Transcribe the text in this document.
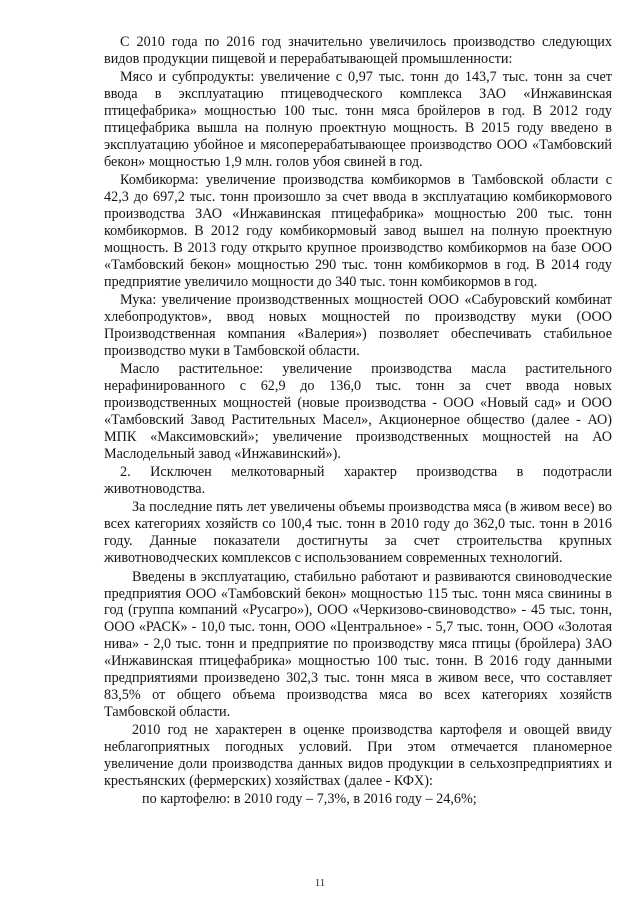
С 2010 года по 2016 год значительно увеличилось производство следующих видов продукции пищевой и перерабатывающей промышленности:

Мясо и субпродукты: увеличение с 0,97 тыс. тонн до 143,7 тыс. тонн за счет ввода в эксплуатацию птицеводческого комплекса ЗАО «Инжавинская птицефабрика» мощностью 100 тыс. тонн мяса бройлеров в год. В 2012 году птицефабрика вышла на полную проектную мощность. В 2015 году введено в эксплуатацию убойное и мясоперерабатывающее производство ООО «Тамбовский бекон» мощностью 1,9 млн. голов убоя свиней в год.

Комбикорма: увеличение производства комбикормов в Тамбовской области с 42,3 до 697,2 тыс. тонн произошло за счет ввода в эксплуатацию комбикормового производства ЗАО «Инжавинская птицефабрика» мощностью 200 тыс. тонн комбикормов. В 2012 году комбикормовый завод вышел на полную проектную мощность. В 2013 году открыто крупное производство комбикормов на базе ООО «Тамбовский бекон» мощностью 290 тыс. тонн комбикормов в год. В 2014 году предприятие увеличило мощности до 340 тыс. тонн комбикормов в год.

Мука: увеличение производственных мощностей ООО «Сабуровский комбинат хлебопродуктов», ввод новых мощностей по производству муки (ООО Производственная компания «Валерия») позволяет обеспечивать стабильное производство муки в Тамбовской области.

Масло растительное: увеличение производства масла растительного нерафинированного с 62,9 до 136,0 тыс. тонн за счет ввода новых производственных мощностей (новые производства - ООО «Новый сад» и ООО «Тамбовский Завод Растительных Масел», Акционерное общество (далее - АО) МПК «Максимовский»; увеличение производственных мощностей на АО Маслодельный завод «Инжавинский»).

2. Исключен мелкотоварный характер производства в подотрасли животноводства.

За последние пять лет увеличены объемы производства мяса (в живом весе) во всех категориях хозяйств со 100,4 тыс. тонн в 2010 году до 362,0 тыс. тонн в 2016 году. Данные показатели достигнуты за счет строительства крупных животноводческих комплексов с использованием современных технологий.

Введены в эксплуатацию, стабильно работают и развиваются свиноводческие предприятия ООО «Тамбовский бекон» мощностью 115 тыс. тонн мяса свинины в год (группа компаний «Русагро»), ООО «Черкизово-свиноводство» - 45 тыс. тонн, ООО «РАСК» - 10,0 тыс. тонн, ООО «Центральное» - 5,7 тыс. тонн, ООО «Золотая нива» - 2,0 тыс. тонн и предприятие по производству мяса птицы (бройлера) ЗАО «Инжавинская птицефабрика» мощностью 100 тыс. тонн. В 2016 году данными предприятиями произведено 302,3 тыс. тонн мяса в живом весе, что составляет 83,5% от общего объема производства мяса во всех категориях хозяйств Тамбовской области.

2010 год не характерен в оценке производства картофеля и овощей ввиду неблагоприятных погодных условий. При этом отмечается планомерное увеличение доли производства данных видов продукции в сельхозпредприятиях и крестьянских (фермерских) хозяйствах (далее - КФХ):

по картофелю: в 2010 году – 7,3%, в 2016 году – 24,6%;

11
